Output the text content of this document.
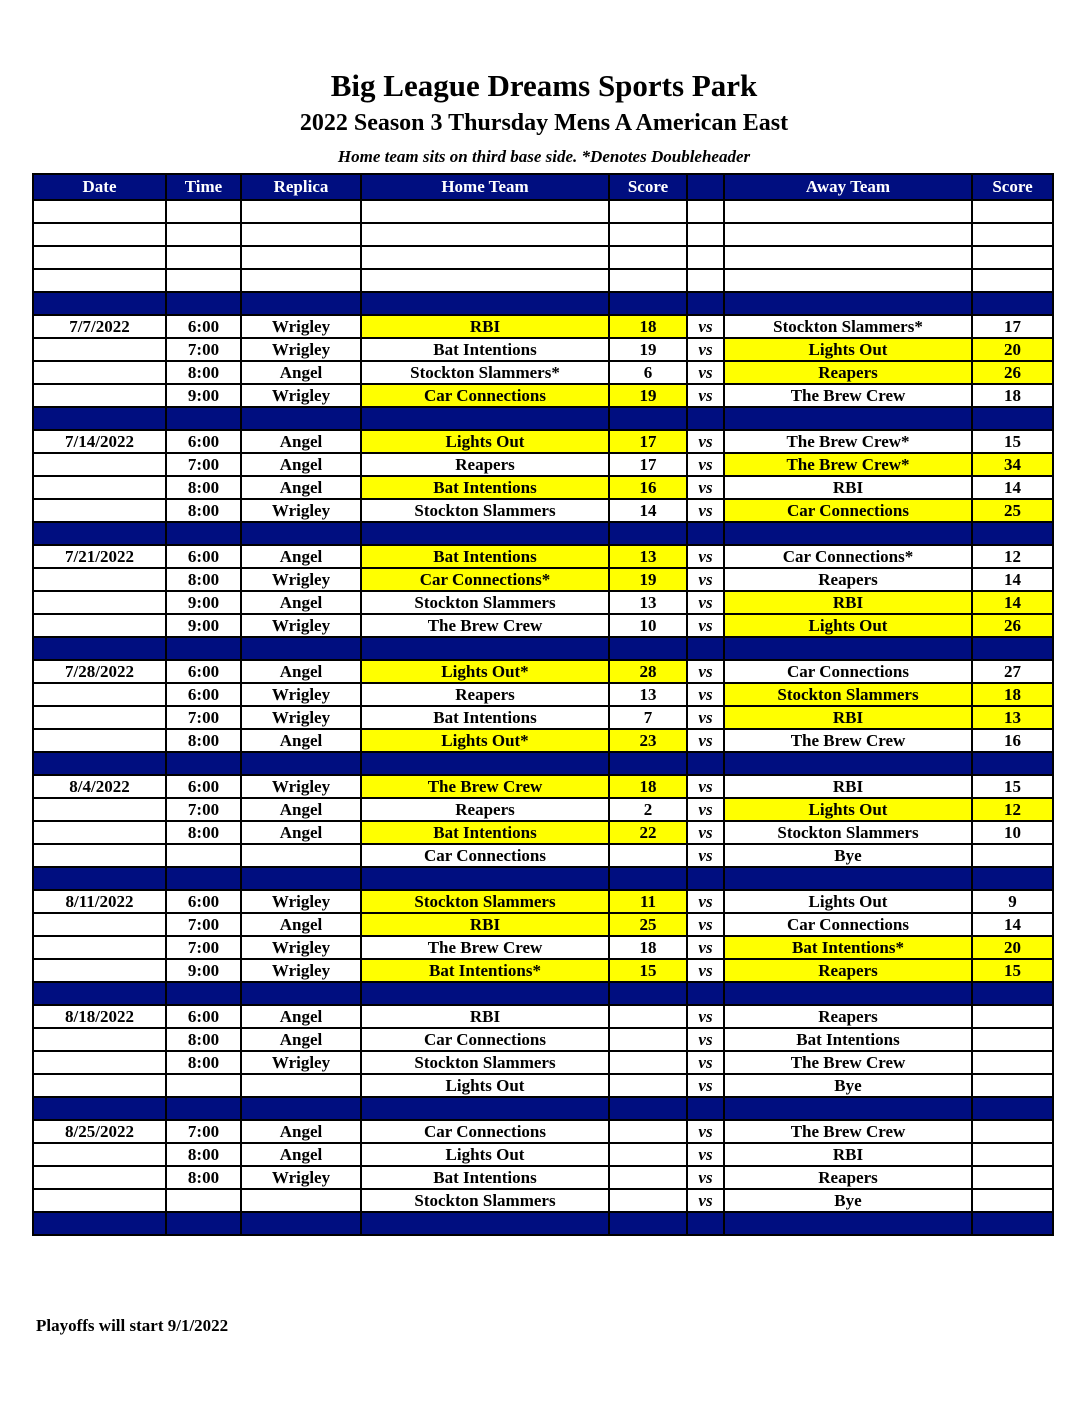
Big League Dreams Sports Park
2022 Season 3 Thursday Mens A American East
Home team sits on third base side. *Denotes Doubleheader
Date	Time	Replica	Home Team	Score		Away Team	Score

7/7/2022	6:00	Wrigley	RBI	18	vs	Stockton Slammers*	17
	7:00	Wrigley	Bat Intentions	19	vs	Lights Out	20
	8:00	Angel	Stockton Slammers*	6	vs	Reapers	26
	9:00	Wrigley	Car Connections	19	vs	The Brew Crew	18

7/14/2022	6:00	Angel	Lights Out	17	vs	The Brew Crew*	15
	7:00	Angel	Reapers	17	vs	The Brew Crew*	34
	8:00	Angel	Bat Intentions	16	vs	RBI	14
	8:00	Wrigley	Stockton Slammers	14	vs	Car Connections	25

7/21/2022	6:00	Angel	Bat Intentions	13	vs	Car Connections*	12
	8:00	Wrigley	Car Connections*	19	vs	Reapers	14
	9:00	Angel	Stockton Slammers	13	vs	RBI	14
	9:00	Wrigley	The Brew Crew	10	vs	Lights Out	26

7/28/2022	6:00	Angel	Lights Out*	28	vs	Car Connections	27
	6:00	Wrigley	Reapers	13	vs	Stockton Slammers	18
	7:00	Wrigley	Bat Intentions	7	vs	RBI	13
	8:00	Angel	Lights Out*	23	vs	The Brew Crew	16

8/4/2022	6:00	Wrigley	The Brew Crew	18	vs	RBI	15
	7:00	Angel	Reapers	2	vs	Lights Out	12
	8:00	Angel	Bat Intentions	22	vs	Stockton Slammers	10
			Car Connections		vs	Bye	

8/11/2022	6:00	Wrigley	Stockton Slammers	11	vs	Lights Out	9
	7:00	Angel	RBI	25	vs	Car Connections	14
	7:00	Wrigley	The Brew Crew	18	vs	Bat Intentions*	20
	9:00	Wrigley	Bat Intentions*	15	vs	Reapers	15

8/18/2022	6:00	Angel	RBI		vs	Reapers	
	8:00	Angel	Car Connections		vs	Bat Intentions	
	8:00	Wrigley	Stockton Slammers		vs	The Brew Crew	
			Lights Out		vs	Bye	

8/25/2022	7:00	Angel	Car Connections		vs	The Brew Crew	
	8:00	Angel	Lights Out		vs	RBI	
	8:00	Wrigley	Bat Intentions		vs	Reapers	
			Stockton Slammers		vs	Bye	

Playoffs will start 9/1/2022
